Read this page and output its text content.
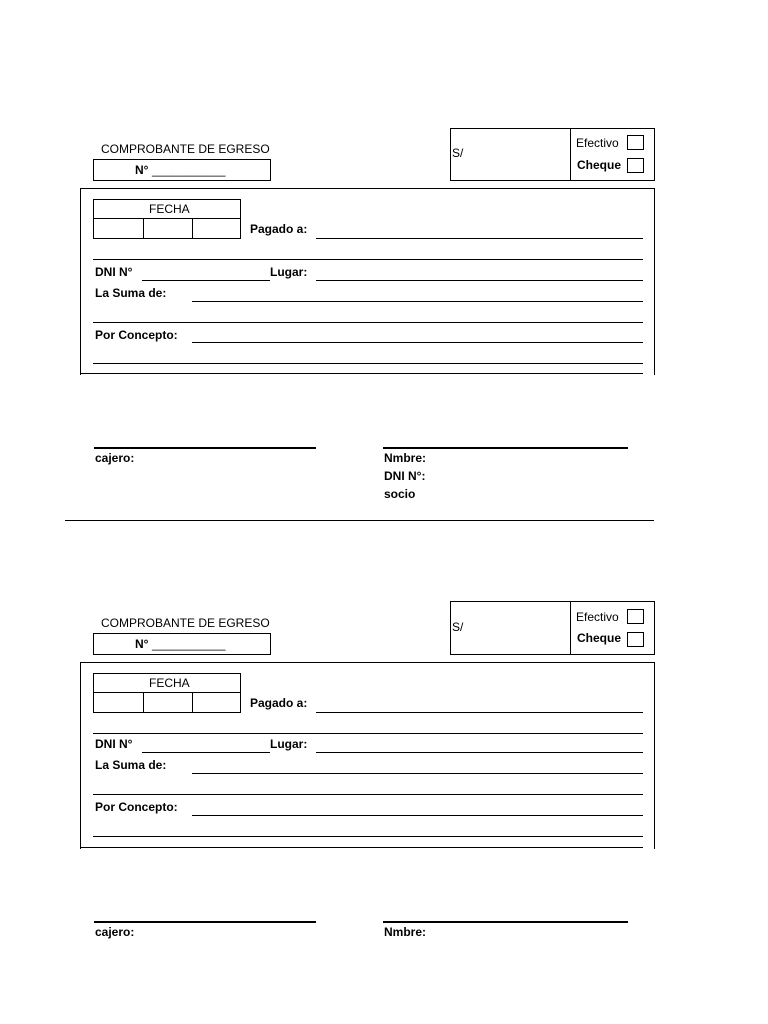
COMPROBANTE DE EGRESO
N° ___________
S/
Efectivo
Cheque
FECHA
Pagado a:
DNI N°	Lugar:
La Suma de:
Por Concepto:
cajero:	Nmbre:
DNI N°:
socio
COMPROBANTE DE EGRESO
N° ___________
S/
Efectivo
Cheque
FECHA
Pagado a:
DNI N°	Lugar:
La Suma de:
Por Concepto:
cajero:	Nmbre:
